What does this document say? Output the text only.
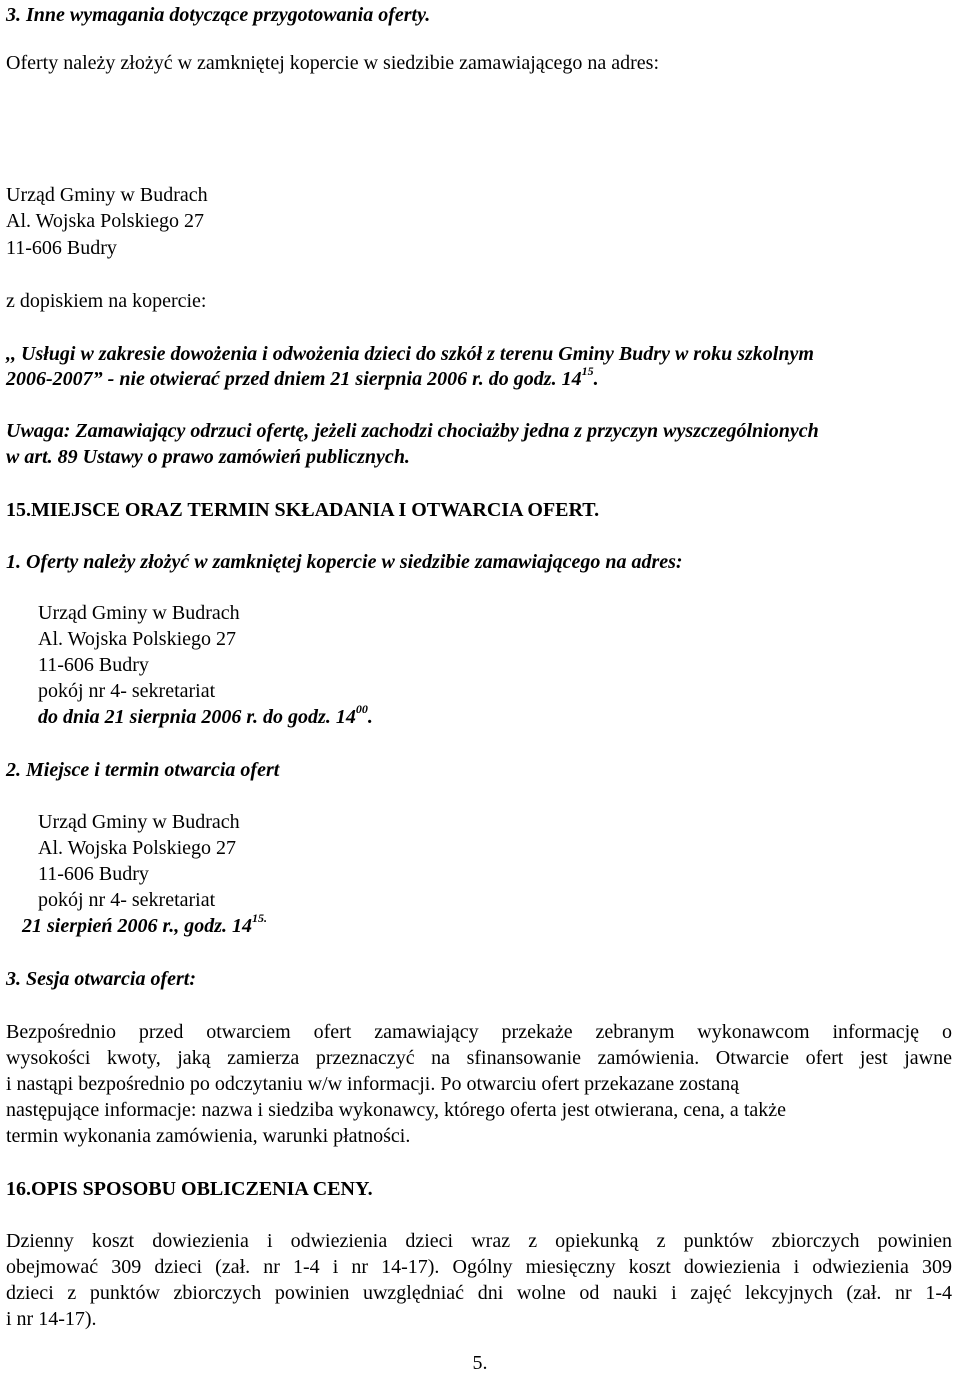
3. Inne wymagania dotyczące przygotowania oferty.
Oferty należy złożyć w zamkniętej kopercie w siedzibie zamawiającego na adres:
Urząd Gminy w Budrach
Al. Wojska Polskiego 27
11-606 Budry
z dopiskiem na kopercie:
,, Usługi w zakresie dowożenia i odwożenia dzieci do szkół z terenu Gminy Budry w roku szkolnym
2006-2007” - nie otwierać przed dniem 21 sierpnia 2006 r. do godz. $14^{15}$.
Uwaga: Zamawiający odrzuci ofertę, jeżeli zachodzi chociażby jedna z przyczyn wyszczególnionych
w art. 89 Ustawy o prawo zamówień publicznych.
15.MIEJSCE ORAZ TERMIN SKŁADANIA I OTWARCIA OFERT.
1. Oferty należy złożyć w zamkniętej kopercie w siedzibie zamawiającego na adres:
Urząd Gminy w Budrach
Al. Wojska Polskiego 27
11-606 Budry
pokój nr 4- sekretariat
do dnia 21 sierpnia 2006 r. do godz. $14^{00}$.
2. Miejsce i termin otwarcia ofert
Urząd Gminy w Budrach
Al. Wojska Polskiego 27
11-606 Budry
pokój nr 4- sekretariat
21 sierpień 2006 r., godz. $14^{15.}$
3. Sesja otwarcia ofert:
Bezpośrednio przed otwarciem ofert zamawiający przekaże zebranym wykonawcom informację o
wysokości kwoty, jaką zamierza przeznaczyć na sfinansowanie zamówienia. Otwarcie ofert jest jawne
i nastąpi bezpośrednio po odczytaniu w/w informacji. Po otwarciu ofert przekazane zostaną
następujące informacje: nazwa i siedziba wykonawcy, którego oferta jest otwierana, cena, a także
termin wykonania zamówienia, warunki płatności.
16.OPIS SPOSOBU OBLICZENIA CENY.
Dzienny koszt dowiezienia i odwiezienia dzieci wraz z opiekunką z punktów zbiorczych powinien
obejmować 309 dzieci (zał. nr 1-4 i nr 14-17). Ogólny miesięczny koszt dowiezienia i odwiezienia 309
dzieci z punktów zbiorczych powinien uwzględniać dni wolne od nauki i zajęć lekcyjnych (zał. nr 1-4
i nr 14-17).
5.
